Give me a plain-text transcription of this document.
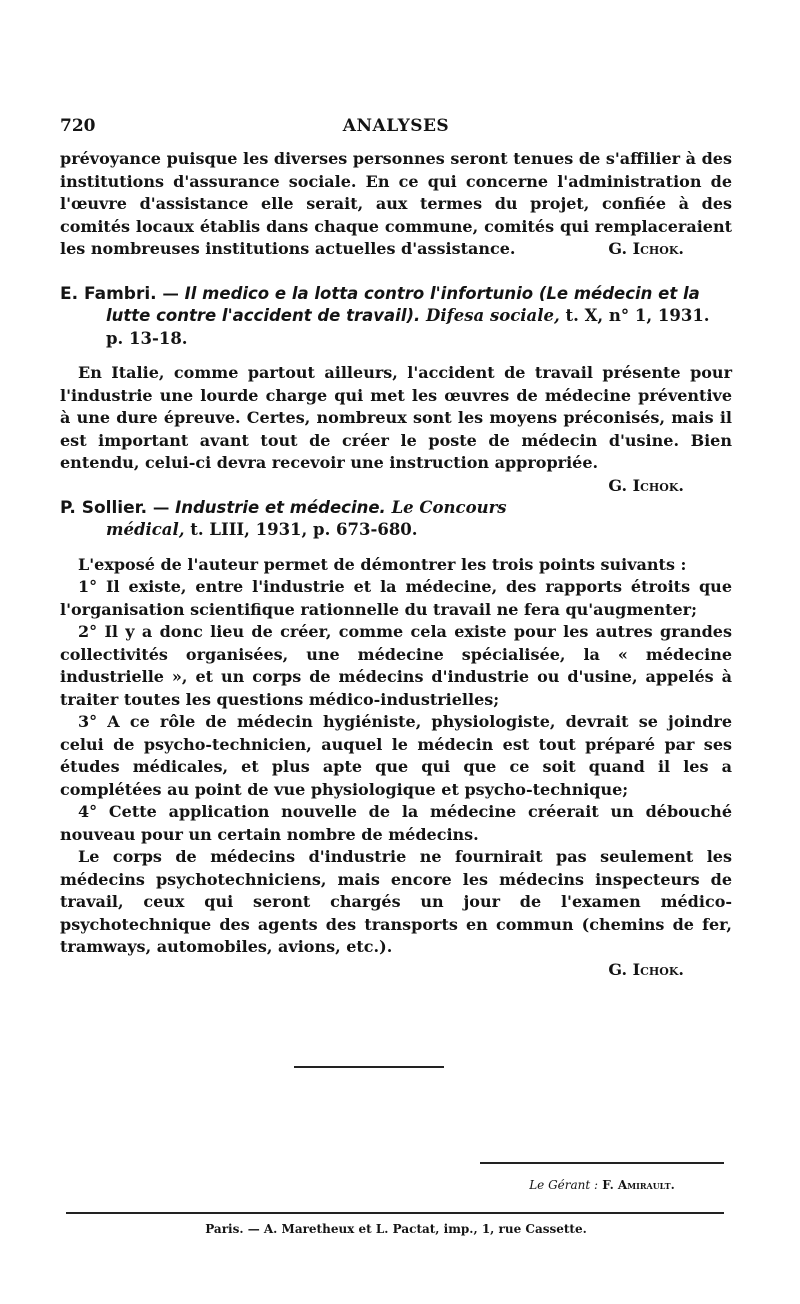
720	ANALYSES

prévoyance puisque les diverses personnes seront tenues de s'affilier à des institutions d'assurance sociale. En ce qui concerne l'administration de l'œuvre d'assistance elle serait, aux termes du projet, confiée à des comités locaux établis dans chaque commune, comités qui remplaceraient les nombreuses institutions actuelles d'assistance.	G. Ichok.

E. Fambri. — Il medico e la lotta contro l'infortunio (Le médecin et la lutte contre l'accident de travail). Difesa sociale, t. X, n° 1, 1931. p. 13-18.

En Italie, comme partout ailleurs, l'accident de travail présente pour l'industrie une lourde charge qui met les œuvres de médecine préventive à une dure épreuve. Certes, nombreux sont les moyens préconisés, mais il est important avant tout de créer le poste de médecin d'usine. Bien entendu, celui-ci devra recevoir une instruction appropriée.
G. Ichok.

P. Sollier. — Industrie et médecine. Le Concours médical, t. LIII, 1931, p. 673-680.

L'exposé de l'auteur permet de démontrer les trois points suivants :

1° Il existe, entre l'industrie et la médecine, des rapports étroits que l'organisation scientifique rationnelle du travail ne fera qu'augmenter;

2° Il y a donc lieu de créer, comme cela existe pour les autres grandes collectivités organisées, une médecine spécialisée, la « médecine industrielle », et un corps de médecins d'industrie ou d'usine, appelés à traiter toutes les questions médico-industrielles;

3° A ce rôle de médecin hygiéniste, physiologiste, devrait se joindre celui de psycho-technicien, auquel le médecin est tout préparé par ses études médicales, et plus apte que qui que ce soit quand il les a complétées au point de vue physiologique et psycho-technique;

4° Cette application nouvelle de la médecine créerait un débouché nouveau pour un certain nombre de médecins.

Le corps de médecins d'industrie ne fournirait pas seulement les médecins psychotechniciens, mais encore les médecins inspecteurs de travail, ceux qui seront chargés un jour de l'examen médico-psychotechnique des agents des transports en commun (chemins de fer, tramways, automobiles, avions, etc.).

G. Ichok.

Le Gérant : F. Amirault.
Paris. — A. Maretheux et L. Pactat, imp., 1, rue Cassette.
